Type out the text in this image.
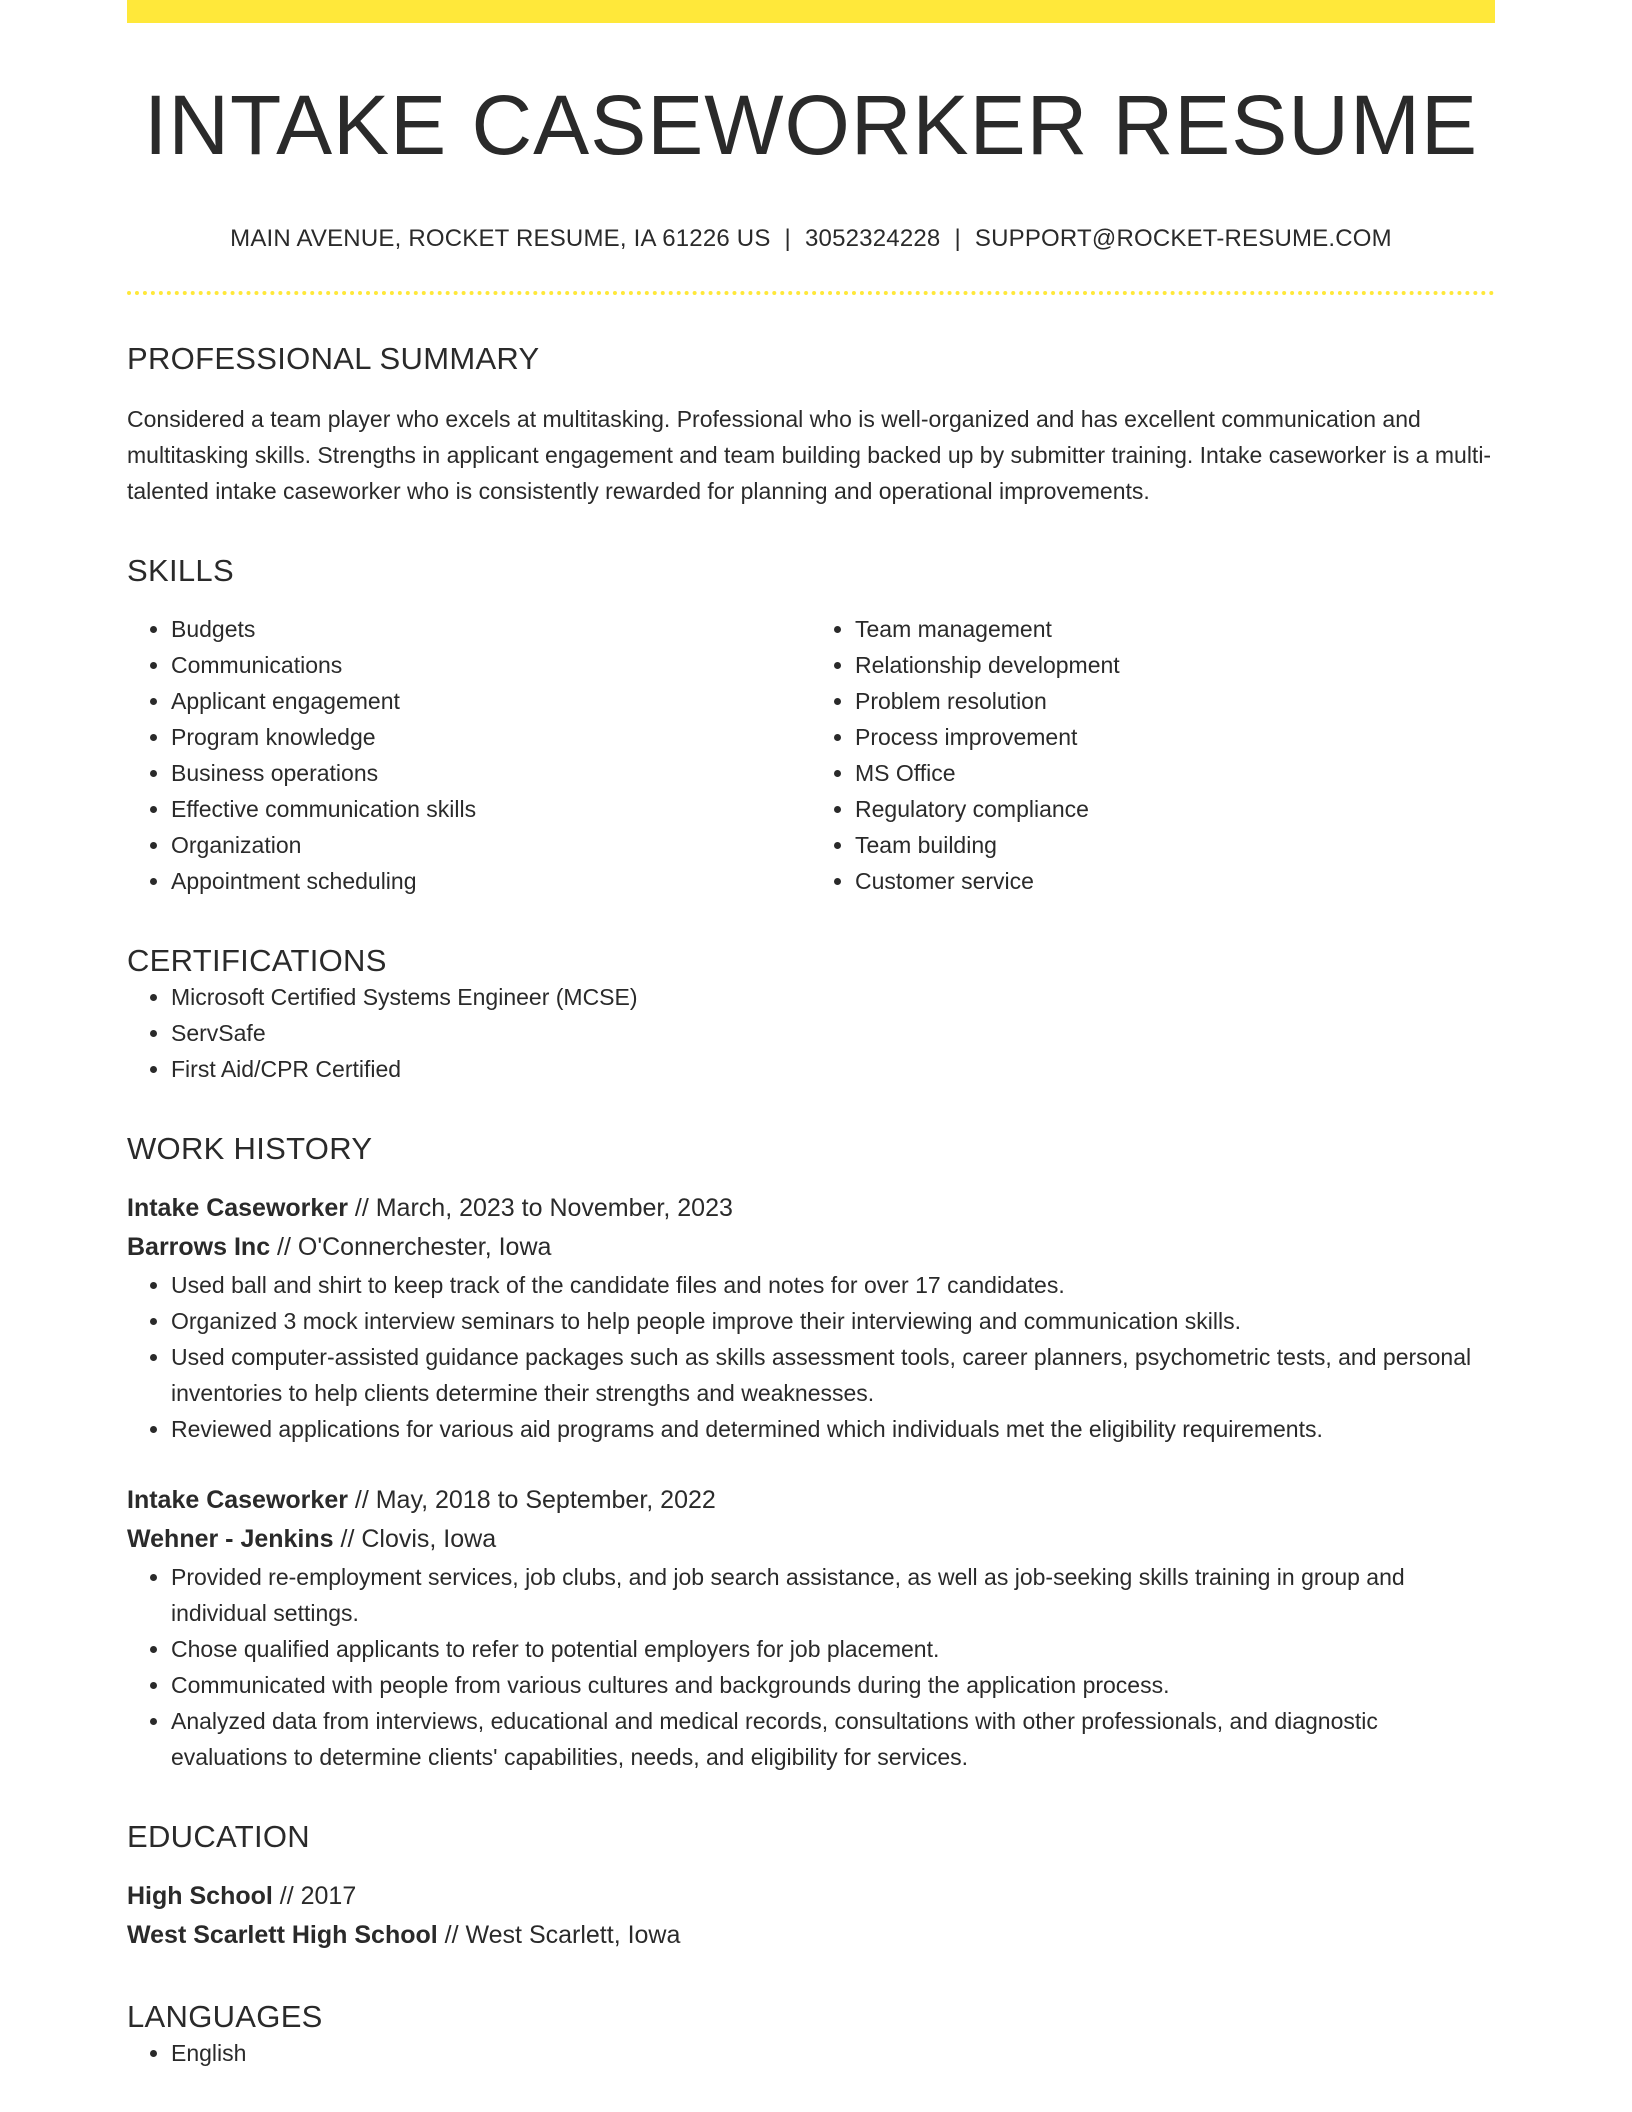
INTAKE CASEWORKER RESUME
MAIN AVENUE, ROCKET RESUME, IA 61226 US | 3052324228 | SUPPORT@ROCKET-RESUME.COM
PROFESSIONAL SUMMARY
Considered a team player who excels at multitasking. Professional who is well-organized and has excellent communication and multitasking skills. Strengths in applicant engagement and team building backed up by submitter training. Intake caseworker is a multi-talented intake caseworker who is consistently rewarded for planning and operational improvements.
SKILLS
• Budgets
• Communications
• Applicant engagement
• Program knowledge
• Business operations
• Effective communication skills
• Organization
• Appointment scheduling
• Team management
• Relationship development
• Problem resolution
• Process improvement
• MS Office
• Regulatory compliance
• Team building
• Customer service
CERTIFICATIONS
• Microsoft Certified Systems Engineer (MCSE)
• ServSafe
• First Aid/CPR Certified
WORK HISTORY
Intake Caseworker // March, 2023 to November, 2023
Barrows Inc // O'Connerchester, Iowa
• Used ball and shirt to keep track of the candidate files and notes for over 17 candidates.
• Organized 3 mock interview seminars to help people improve their interviewing and communication skills.
• Used computer-assisted guidance packages such as skills assessment tools, career planners, psychometric tests, and personal inventories to help clients determine their strengths and weaknesses.
• Reviewed applications for various aid programs and determined which individuals met the eligibility requirements.
Intake Caseworker // May, 2018 to September, 2022
Wehner - Jenkins // Clovis, Iowa
• Provided re-employment services, job clubs, and job search assistance, as well as job-seeking skills training in group and individual settings.
• Chose qualified applicants to refer to potential employers for job placement.
• Communicated with people from various cultures and backgrounds during the application process.
• Analyzed data from interviews, educational and medical records, consultations with other professionals, and diagnostic evaluations to determine clients' capabilities, needs, and eligibility for services.
EDUCATION
High School // 2017
West Scarlett High School // West Scarlett, Iowa
LANGUAGES
• English
